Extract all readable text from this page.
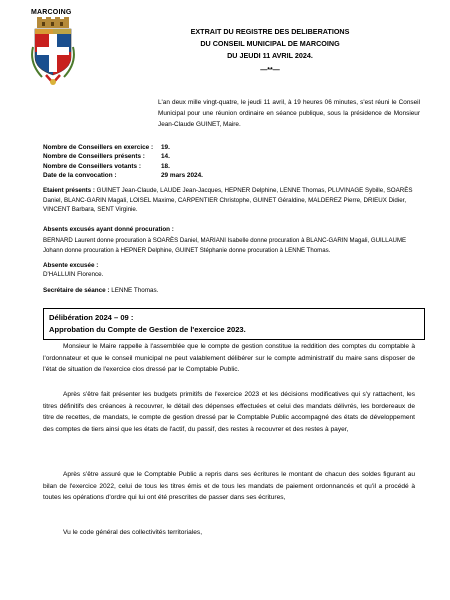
MARCOING
EXTRAIT DU REGISTRE DES DELIBERATIONS
DU CONSEIL MUNICIPAL DE MARCOING
DU JEUDI 11 AVRIL 2024.
—**—
L'an deux mille vingt-quatre, le jeudi 11 avril, à 19 heures 06 minutes, s'est réuni le Conseil Municipal pour une réunion ordinaire en séance publique, sous la présidence de Monsieur Jean-Claude GUINET, Maire.
Nombre de Conseillers en exercice :	19.
Nombre de Conseillers présents :	14.
Nombre de Conseillers votants :	18.
Date de la convocation :	29 mars 2024.
Etaient présents : GUINET Jean-Claude, LAUDE Jean-Jacques, HEPNER Delphine, LENNE Thomas, PLUVINAGE Sybille, SOARÈS Daniel, BLANC-GARIN Magali, LOISEL Maxime, CARPENTIER Christophe, GUINET Géraldine, MALDEREZ Pierre, DRIEUX Didier, VINCENT Barbara, SENT Virginie.
Absents excusés ayant donné procuration :
BERNARD Laurent donne procuration à SOARÈS Daniel, MARIANI Isabelle donne procuration à BLANC-GARIN Magali, GUILLAUME Johann donne procuration à HEPNER Delphine, GUINET Stéphanie donne procuration à LENNE Thomas.
Absente excusée :
D'HALLUIN Florence.
Secrétaire de séance : LENNE Thomas.
Délibération 2024 – 09 :
Approbation du Compte de Gestion de l'exercice 2023.
Monsieur le Maire rappelle à l'assemblée que le compte de gestion constitue la reddition des comptes du comptable à l'ordonnateur et que le conseil municipal ne peut valablement délibérer sur le compte administratif du maire sans disposer de l'état de situation de l'exercice clos dressé par le Comptable Public.
Après s'être fait présenter les budgets primitifs de l'exercice 2023 et les décisions modificatives qui s'y rattachent, les titres définitifs des créances à recouvrer, le détail des dépenses effectuées et celui des mandats délivrés, les bordereaux de titre de recettes, de mandats, le compte de gestion dressé par le Comptable Public accompagné des états de développement des comptes de tiers ainsi que les états de l'actif, du passif, des restes à recouvrer et des restes à payer,
Après s'être assuré que le Comptable Public a repris dans ses écritures le montant de chacun des soldes figurant au bilan de l'exercice 2022, celui de tous les titres émis et de tous les mandats de paiement ordonnancés et qu'il a procédé à toutes les opérations d'ordre qui lui ont été prescrites de passer dans ses écritures,
Vu le code général des collectivités territoriales,
